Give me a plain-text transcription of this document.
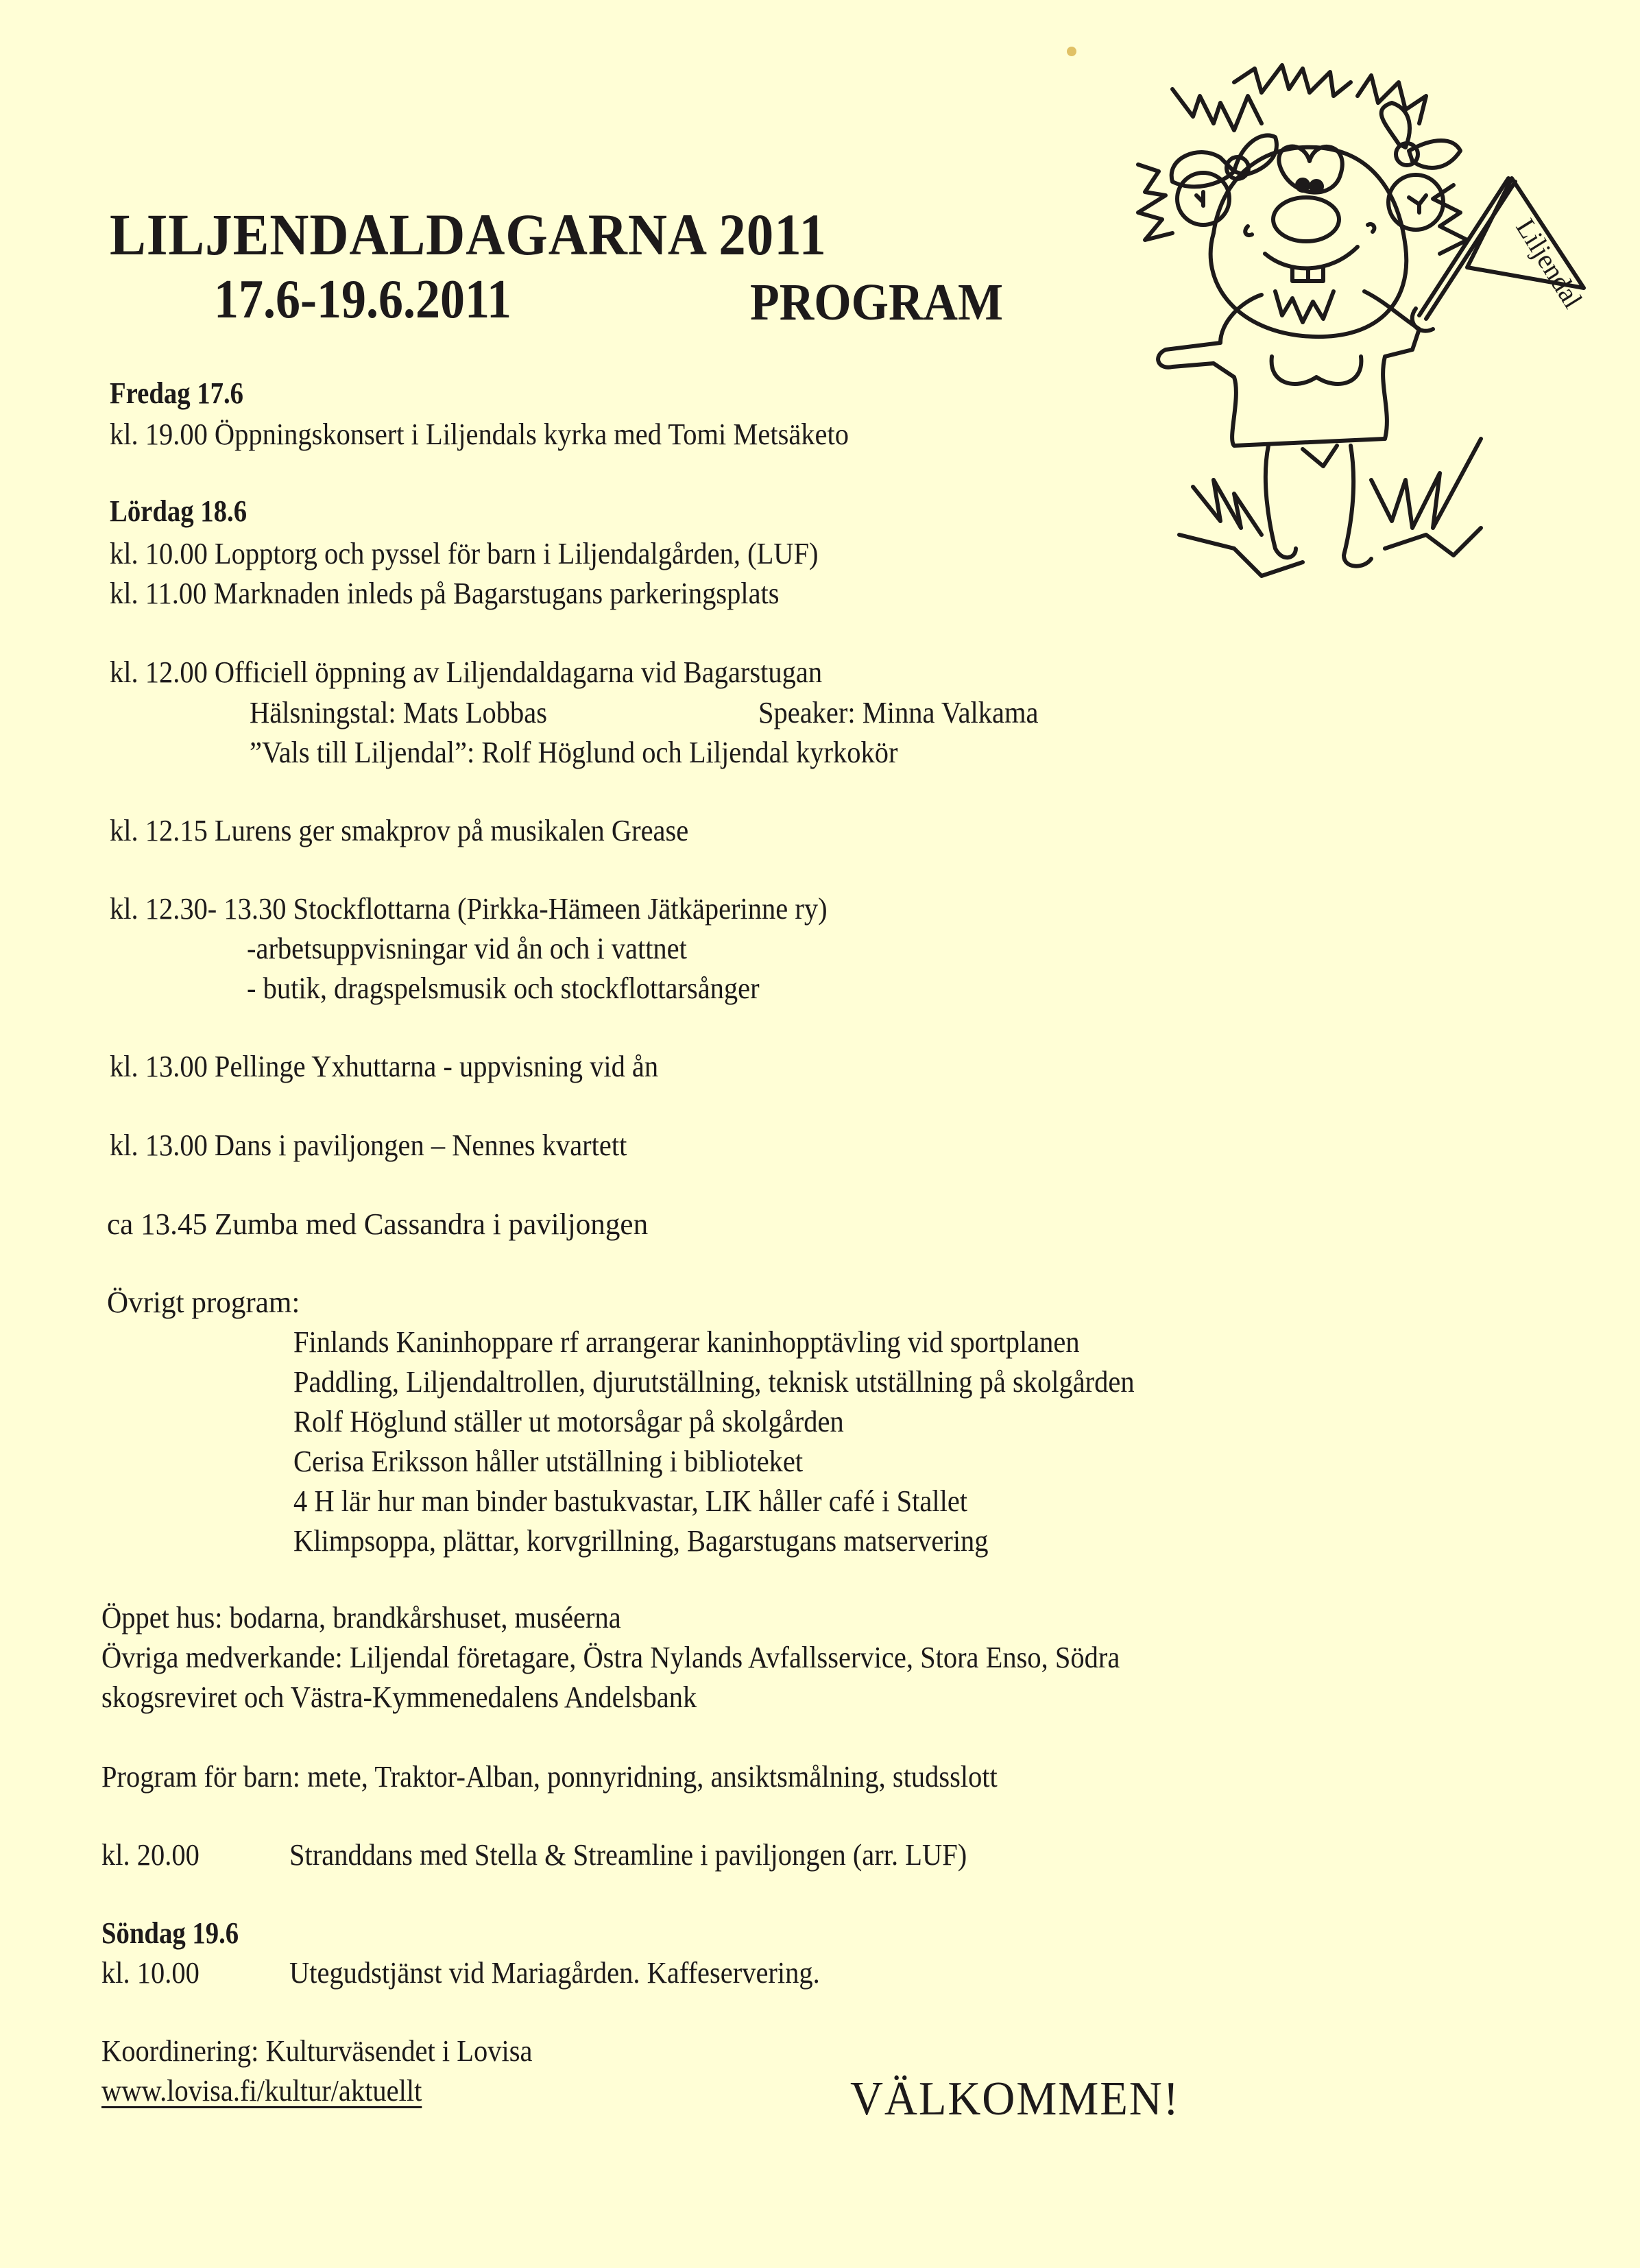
LILJENDALDAGARNA 2011
17.6-19.6.2011	PROGRAM	Liljendal
Fredag 17.6
kl. 19.00 Öppningskonsert i Liljendals kyrka med Tomi Metsäketo
Lördag 18.6
kl. 10.00 Lopptorg och pyssel för barn i Liljendalgården, (LUF)
kl. 11.00 Marknaden inleds på Bagarstugans parkeringsplats
kl. 12.00 Officiell öppning av Liljendaldagarna vid Bagarstugan
Hälsningstal: Mats Lobbas	Speaker: Minna Valkama
”Vals till Liljendal”: Rolf Höglund och Liljendal kyrkokör
kl. 12.15 Lurens ger smakprov på musikalen Grease
kl. 12.30- 13.30 Stockflottarna (Pirkka-Hämeen Jätkäperinne ry)
-arbetsuppvisningar vid ån och i vattnet
- butik, dragspelsmusik och stockflottarsånger
kl. 13.00 Pellinge Yxhuttarna - uppvisning vid ån
kl. 13.00 Dans i paviljongen – Nennes kvartett
ca 13.45 Zumba med Cassandra i paviljongen
Övrigt program:
Finlands Kaninhoppare rf arrangerar kaninhopptävling vid sportplanen
Paddling, Liljendaltrollen, djurutställning, teknisk utställning på skolgården
Rolf Höglund ställer ut motorsågar på skolgården
Cerisa Eriksson håller utställning i biblioteket
4 H lär hur man binder bastukvastar, LIK håller café i Stallet
Klimpsoppa, plättar, korvgrillning, Bagarstugans matservering
Öppet hus: bodarna, brandkårshuset, muséerna
Övriga medverkande: Liljendal företagare, Östra Nylands Avfallsservice, Stora Enso, Södra
skogsreviret och Västra-Kymmenedalens Andelsbank
Program för barn: mete, Traktor-Alban, ponnyridning, ansiktsmålning, studsslott
kl. 20.00	Stranddans med Stella & Streamline i paviljongen (arr. LUF)
Söndag 19.6
kl. 10.00	Utegudstjänst vid Mariagården. Kaffeservering.
Koordinering: Kulturväsendet i Lovisa
www.lovisa.fi/kultur/aktuellt	VÄLKOMMEN!
